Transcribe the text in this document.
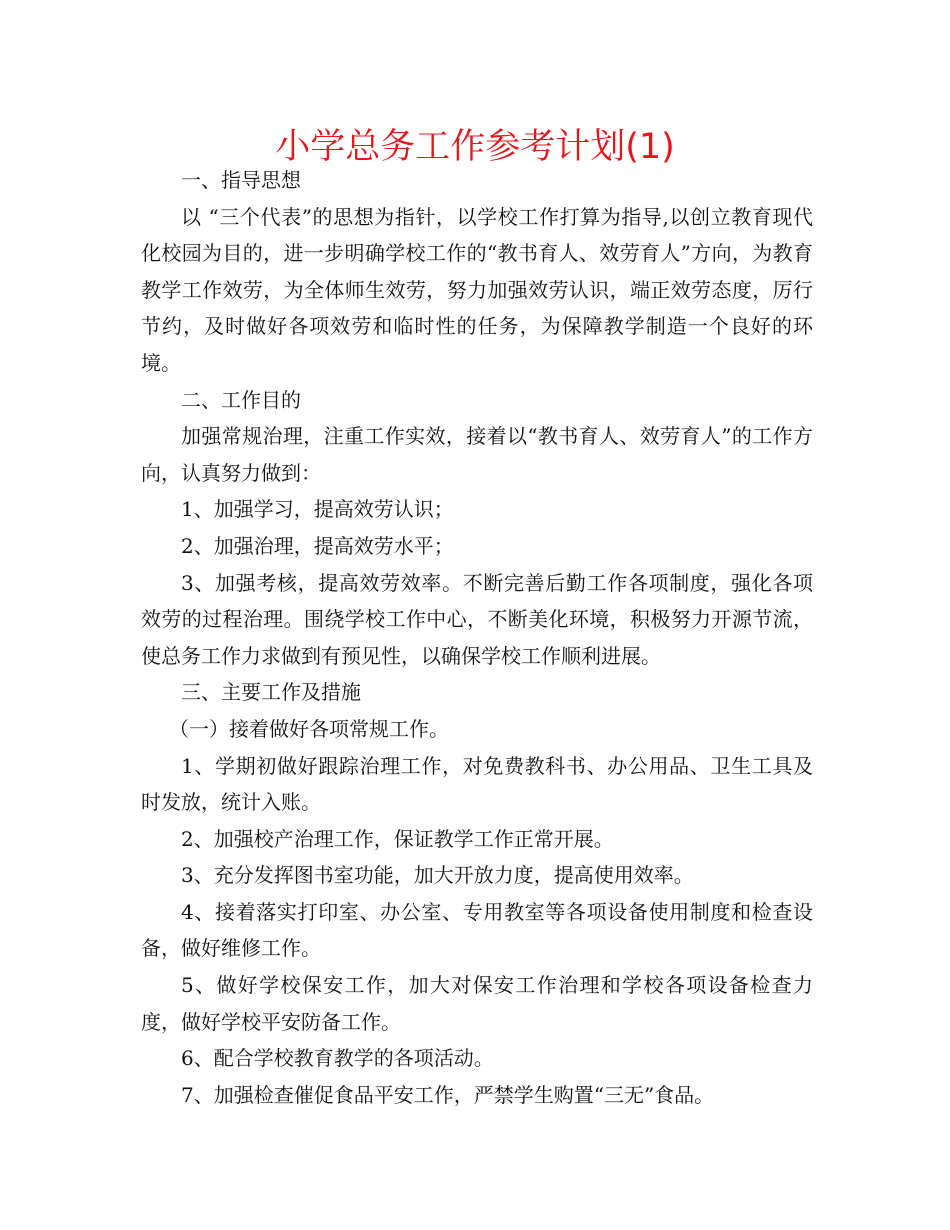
小学总务工作参考计划(1)

一、指导思想

以 “三个代表”的思想为指针，以学校工作打算为指导,以创立教育现代化校园为目的，进一步明确学校工作的“教书育人、效劳育人”方向，为教育教学工作效劳，为全体师生效劳，努力加强效劳认识，端正效劳态度，厉行节约，及时做好各项效劳和临时性的任务，为保障教学制造一个良好的环境。

二、工作目的

加强常规治理，注重工作实效，接着以“教书育人、效劳育人”的工作方向，认真努力做到：

1、加强学习，提高效劳认识；

2、加强治理，提高效劳水平；

3、加强考核，提高效劳效率。不断完善后勤工作各项制度，强化各项效劳的过程治理。围绕学校工作中心，不断美化环境，积极努力开源节流，使总务工作力求做到有预见性，以确保学校工作顺利进展。

三、主要工作及措施

（一）接着做好各项常规工作。

1、学期初做好跟踪治理工作，对免费教科书、办公用品、卫生工具及时发放，统计入账。

2、加强校产治理工作，保证教学工作正常开展。

3、充分发挥图书室功能，加大开放力度，提高使用效率。

4、接着落实打印室、办公室、专用教室等各项设备使用制度和检查设备，做好维修工作。

5、做好学校保安工作，加大对保安工作治理和学校各项设备检查力度，做好学校平安防备工作。

6、配合学校教育教学的各项活动。

7、加强检查催促食品平安工作，严禁学生购置“三无”食品。
